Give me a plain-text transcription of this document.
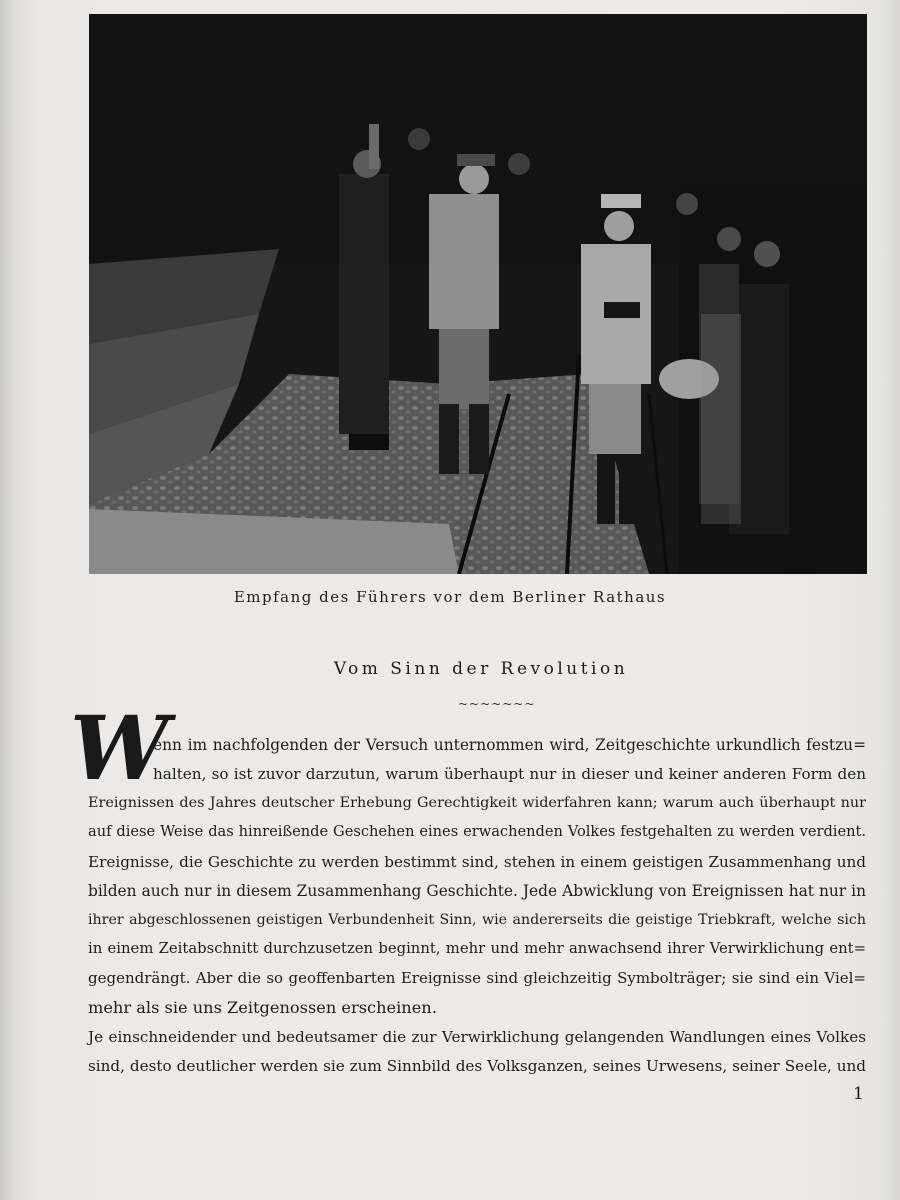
Empfang des Führers vor dem Berliner Rathaus
Vom Sinn der Revolution
~~~~~~~
W
enn im nachfolgenden der Versuch unternommen wird, Zeitgeschichte urkundlich festzu=
halten, so ist zuvor darzutun, warum überhaupt nur in dieser und keiner anderen Form den
Ereignissen des Jahres deutscher Erhebung Gerechtigkeit widerfahren kann; warum auch überhaupt nur
auf diese Weise das hinreißende Geschehen eines erwachenden Volkes festgehalten zu werden verdient.
Ereignisse, die Geschichte zu werden bestimmt sind, stehen in einem geistigen Zusammenhang und
bilden auch nur in diesem Zusammenhang Geschichte. Jede Abwicklung von Ereignissen hat nur in
ihrer abgeschlossenen geistigen Verbundenheit Sinn, wie andererseits die geistige Triebkraft, welche sich
in einem Zeitabschnitt durchzusetzen beginnt, mehr und mehr anwachsend ihrer Verwirklichung ent=
gegendrängt. Aber die so geoffenbarten Ereignisse sind gleichzeitig Symbolträger; sie sind ein Viel=
mehr als sie uns Zeitgenossen erscheinen.
Je einschneidender und bedeutsamer die zur Verwirklichung gelangenden Wandlungen eines Volkes
sind, desto deutlicher werden sie zum Sinnbild des Volksganzen, seines Urwesens, seiner Seele, und
1
